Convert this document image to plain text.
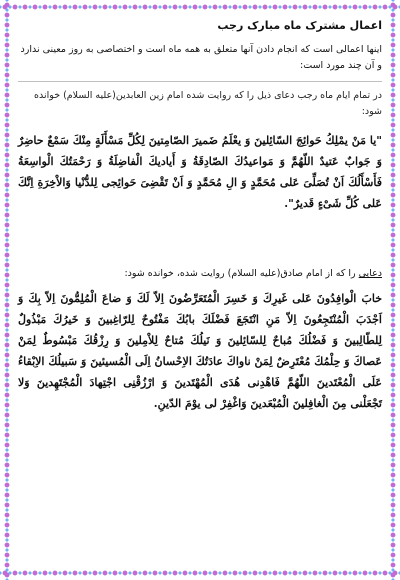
اعمال مشترک ماه مبارک رجب
اینها اعمالی است که انجام دادن آنها متعلق به همه ماه است و اختصاصی به روز معینی ندارد و آن چند مورد است:
در تمام ایام ماه رجب دعای ذیل را که روایت شده امام زین العابدین(علیه السلام) خوانده شود:
"یا مَنْ یمْلِكُ حَوائِجَ السّائِلینَ وَ یعْلَمُ ضَمیرَ الصّامِتینَ لِكُلِّ مَسْأَلَةٍ مِنْكَ سَمْعٌ حاضِرٌ وَ جَوابٌ عَتیدٌ اللّهُمَّ وَ مَواعیدُكَ الصّادِقَةُ وَ أَیادیكَ الْفاضِلَةُ وَ رَحْمَتُكَ الْواسِعَةُ فَأَسْأَلُكَ اَنْ تُصَلِّیَ عَلی مُحَمَّدٍ وَ الِ مُحَمَّدٍ وَ اَنْ تَقْضِیَ حَوائِجی لِلدُّنْیا وَالاْخِرَةِ اِنَّكَ عَلی كُلِّ شَیْءٍ قَدیرٌ".
دعایی را که از امام صادق(علیه السلام) روایت شده، خوانده شود:
خابَ الْوافِدُونَ عَلی غَیرِكَ وَ خَسِرَ الْمُتَعَرِّضُونَ اِلاّ لَكَ وَ ضاعَ الْمُلِمُّونَ اِلاّ بِكَ وَ اَجْدَبَ الْمُنْتَجِعُونَ اِلاّ مَنِ انْتَجَعَ فَضْلَكَ بابُكَ مَفْتُوحٌ لِلرّاغِبینَ وَ خَیرُكَ مَبْذُولٌ لِلطّالِبینَ وَ فَضْلُكَ مُباحٌ لِلسّائِلینَ وَ نَیلُكَ مُتاحٌ لِلاْمِلینَ وَ رِزْقُكَ مَبْسُوطٌ لِمَنْ عَصاكَ وَ حِلْمُكَ مُعْتَرِضٌ لِمَنْ ناواكَ عادَتُكَ الاِحْسانُ اِلَی الْمُسیئینَ وَ سَبیلُكَ الاِبْقاءُ عَلَی الْمُعْتَدینَ اللّهُمَّ فَاهْدِنی هُدَی الْمُهْتَدینَ وَ ارْزُقْنِی اجْتِهادَ الْمُجْتَهِدینَ وَلا تَجْعَلْنی مِنَ الْغافِلینَ الْمُبْعَدینَ وَاغْفِرْ لی یوْمَ الدّینِ.
